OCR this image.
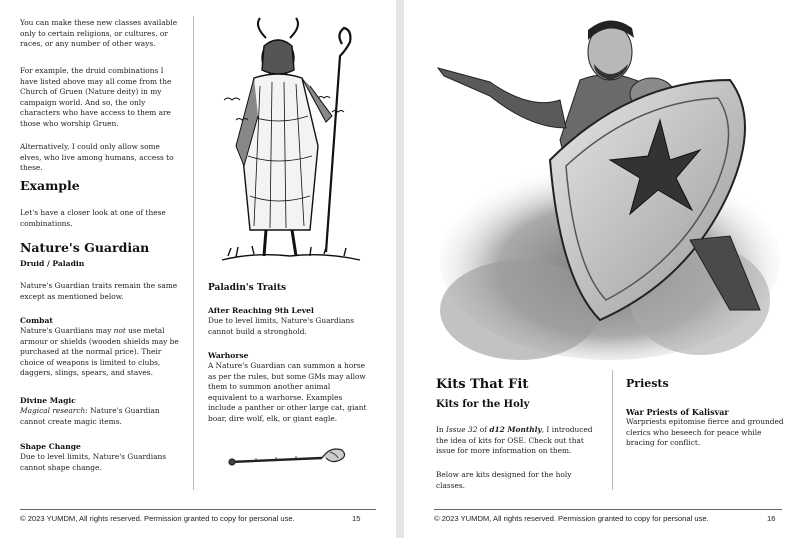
You can make these new classes available only to certain religions, or cultures, or races, or any number of other ways.

For example, the druid combinations I have listed above may all come from the Church of Gruen (Nature deity) in my campaign world. And so, the only characters who have access to them are those who worship Gruen.

Alternatively, I could only allow some elves, who live among humans, access to these.

Example

Let's have a closer look at one of these combinations.

Nature's Guardian

Druid / Paladin

Nature's Guardian traits remain the same except as mentioned below.

Combat

Nature's Guardians may not use metal armour or shields (wooden shields may be purchased at the normal price). Their choice of weapons is limited to clubs, daggers, slings, spears, and staves.

Divine Magic

Magical research: Nature's Guardian cannot create magic items.

Shape Change

Due to level limits, Nature's Guardians cannot shape change.

Paladin's Traits

After Reaching 9th Level

Due to level limits, Nature's Guardians cannot build a stronghold.

Warhorse

A Nature's Guardian can summon a horse as per the rules, but some GMs may allow them to summon another animal equivalent to a warhorse. Examples include a panther or other large cat, giant boar, dire wolf, elk, or giant eagle.

© 2023 YUMDM, All rights reserved. Permission granted to copy for personal use.	15

Kits That Fit

Kits for the Holy

In Issue 32 of d12 Monthly, I introduced the idea of kits for OSE. Check out that issue for more information on them.

Below are kits designed for the holy classes.

Priests

War Priests of Kalisvar

Warpriests epitomise fierce and grounded clerics who beseech for peace while bracing for conflict.

© 2023 YUMDM, All rights reserved. Permission granted to copy for personal use.	16
